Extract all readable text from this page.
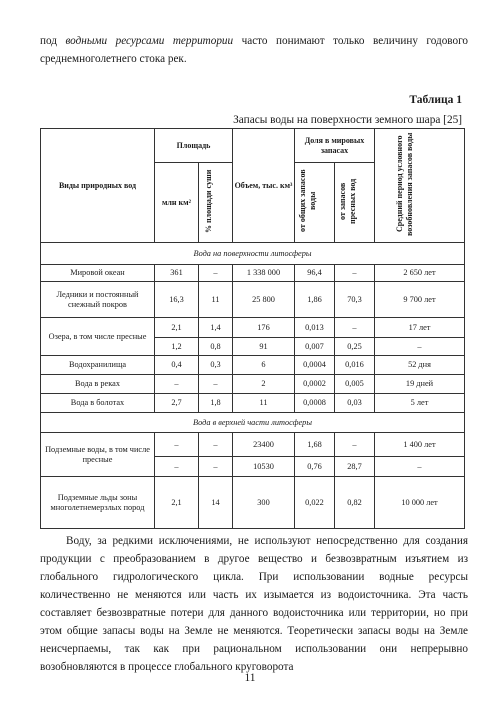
под водными ресурсами территории часто понимают только величину годового среднемноголетнего стока рек.

Таблица 1
Запасы воды на поверхности земного шара [25]
Виды природных вод	Площадь		Объем, тыс. км³	Доля в мировых запасах		Средний период условного возобновления запасов воды
	млн км²	% площади суши		от общих запасов воды	от запасов пресных вод	
Вода на поверхности литосферы						
Мировой океан	361	–	1 338 000	96,4	–	2 650 лет
Ледники и постоянный снежный покров	16,3	11	25 800	1,86	70,3	9 700 лет
Озера, в том числе пресные	2,1	1,4	176	0,013	–	17 лет
	1,2	0,8	91	0,007	0,25	–
Водохранилища	0,4	0,3	6	0,0004	0,016	52 дня
Вода в реках	–	–	2	0,0002	0,005	19 дней
Вода в болотах	2,7	1,8	11	0,0008	0,03	5 лет
Вода в верхней части литосферы						
Подземные воды, в том числе пресные	–	–	23400	1,68	–	1 400 лет
	–	–	10530	0,76	28,7	–
Подземные льды зоны многолетнемерзлых пород	2,1	14	300	0,022	0,82	10 000 лет

Воду, за редкими исключениями, не используют непосредственно для создания продукции с преобразованием в другое вещество и безвозвратным изъятием из глобального гидрологического цикла. При использовании водные ресурсы количественно не меняются или часть их изымается из водоисточника. Эта часть составляет безвозвратные потери для данного водоисточника или территории, но при этом общие запасы воды на Земле не меняются. Теоретически запасы воды на Земле неисчерпаемы, так как при рациональном использовании они непрерывно возобновляются в процессе глобального круговорота

11
